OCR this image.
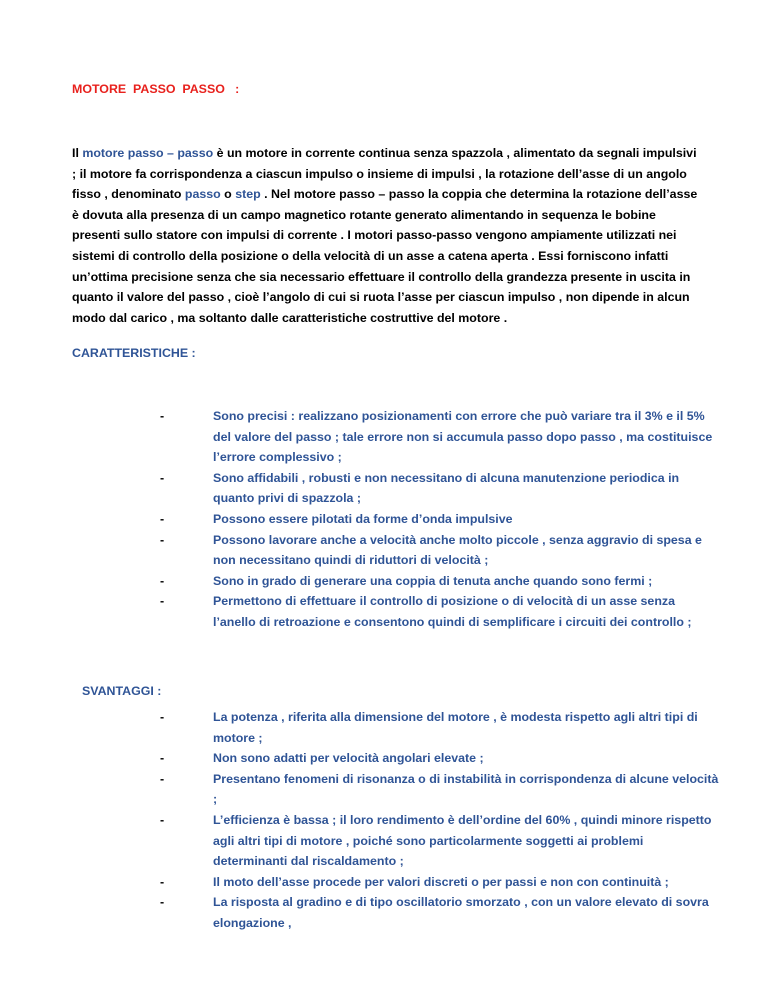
MOTORE  PASSO  PASSO   :

Il motore passo – passo è un motore in corrente continua senza spazzola , alimentato da segnali impulsivi ; il motore fa corrispondenza a ciascun impulso o insieme di impulsi , la rotazione dell’asse di un angolo fisso , denominato passo o step . Nel motore passo – passo la coppia che determina la rotazione dell’asse è dovuta alla presenza di un campo magnetico rotante generato alimentando in sequenza le bobine presenti sullo statore con impulsi di corrente . I motori passo-passo vengono ampiamente utilizzati nei sistemi di controllo della posizione o della velocità di un asse a catena aperta . Essi forniscono infatti un’ottima precisione senza che sia necessario effettuare il controllo della grandezza presente in uscita in quanto il valore del passo , cioè l’angolo di cui si ruota l’asse per ciascun impulso , non dipende in alcun modo dal carico , ma soltanto dalle caratteristiche costruttive del motore .

CARATTERISTICHE :
-	Sono precisi : realizzano posizionamenti con errore che può variare tra il 3% e il 5% del valore del passo ; tale errore non si accumula passo dopo passo , ma costituisce l’errore complessivo ;
-	Sono affidabili , robusti e non necessitano di alcuna manutenzione periodica in quanto privi di spazzola ;
-	Possono essere pilotati da forme d’onda impulsive
-	Possono lavorare anche a velocità anche molto piccole , senza aggravio di spesa e non necessitano quindi di riduttori di velocità ;
-	Sono in grado di generare una coppia di tenuta anche quando sono fermi ;
-	Permettono di effettuare il controllo di posizione o di velocità di un asse senza l’anello di retroazione e consentono quindi di semplificare i circuiti dei controllo ;
SVANTAGGI :
-	La potenza , riferita alla dimensione del motore , è modesta rispetto agli altri tipi di motore ;
-	Non sono adatti per velocità angolari elevate ;
-	Presentano fenomeni di risonanza o di instabilità in corrispondenza di alcune velocità ;
-	L’efficienza è bassa ; il loro rendimento è dell’ordine del 60% , quindi minore rispetto agli altri tipi di motore , poiché sono particolarmente soggetti ai problemi determinanti dal riscaldamento ;
-	Il moto dell’asse procede per valori discreti o per passi e non con continuità ;
-	La risposta al gradino e di tipo oscillatorio smorzato , con un valore elevato di sovra elongazione ,
